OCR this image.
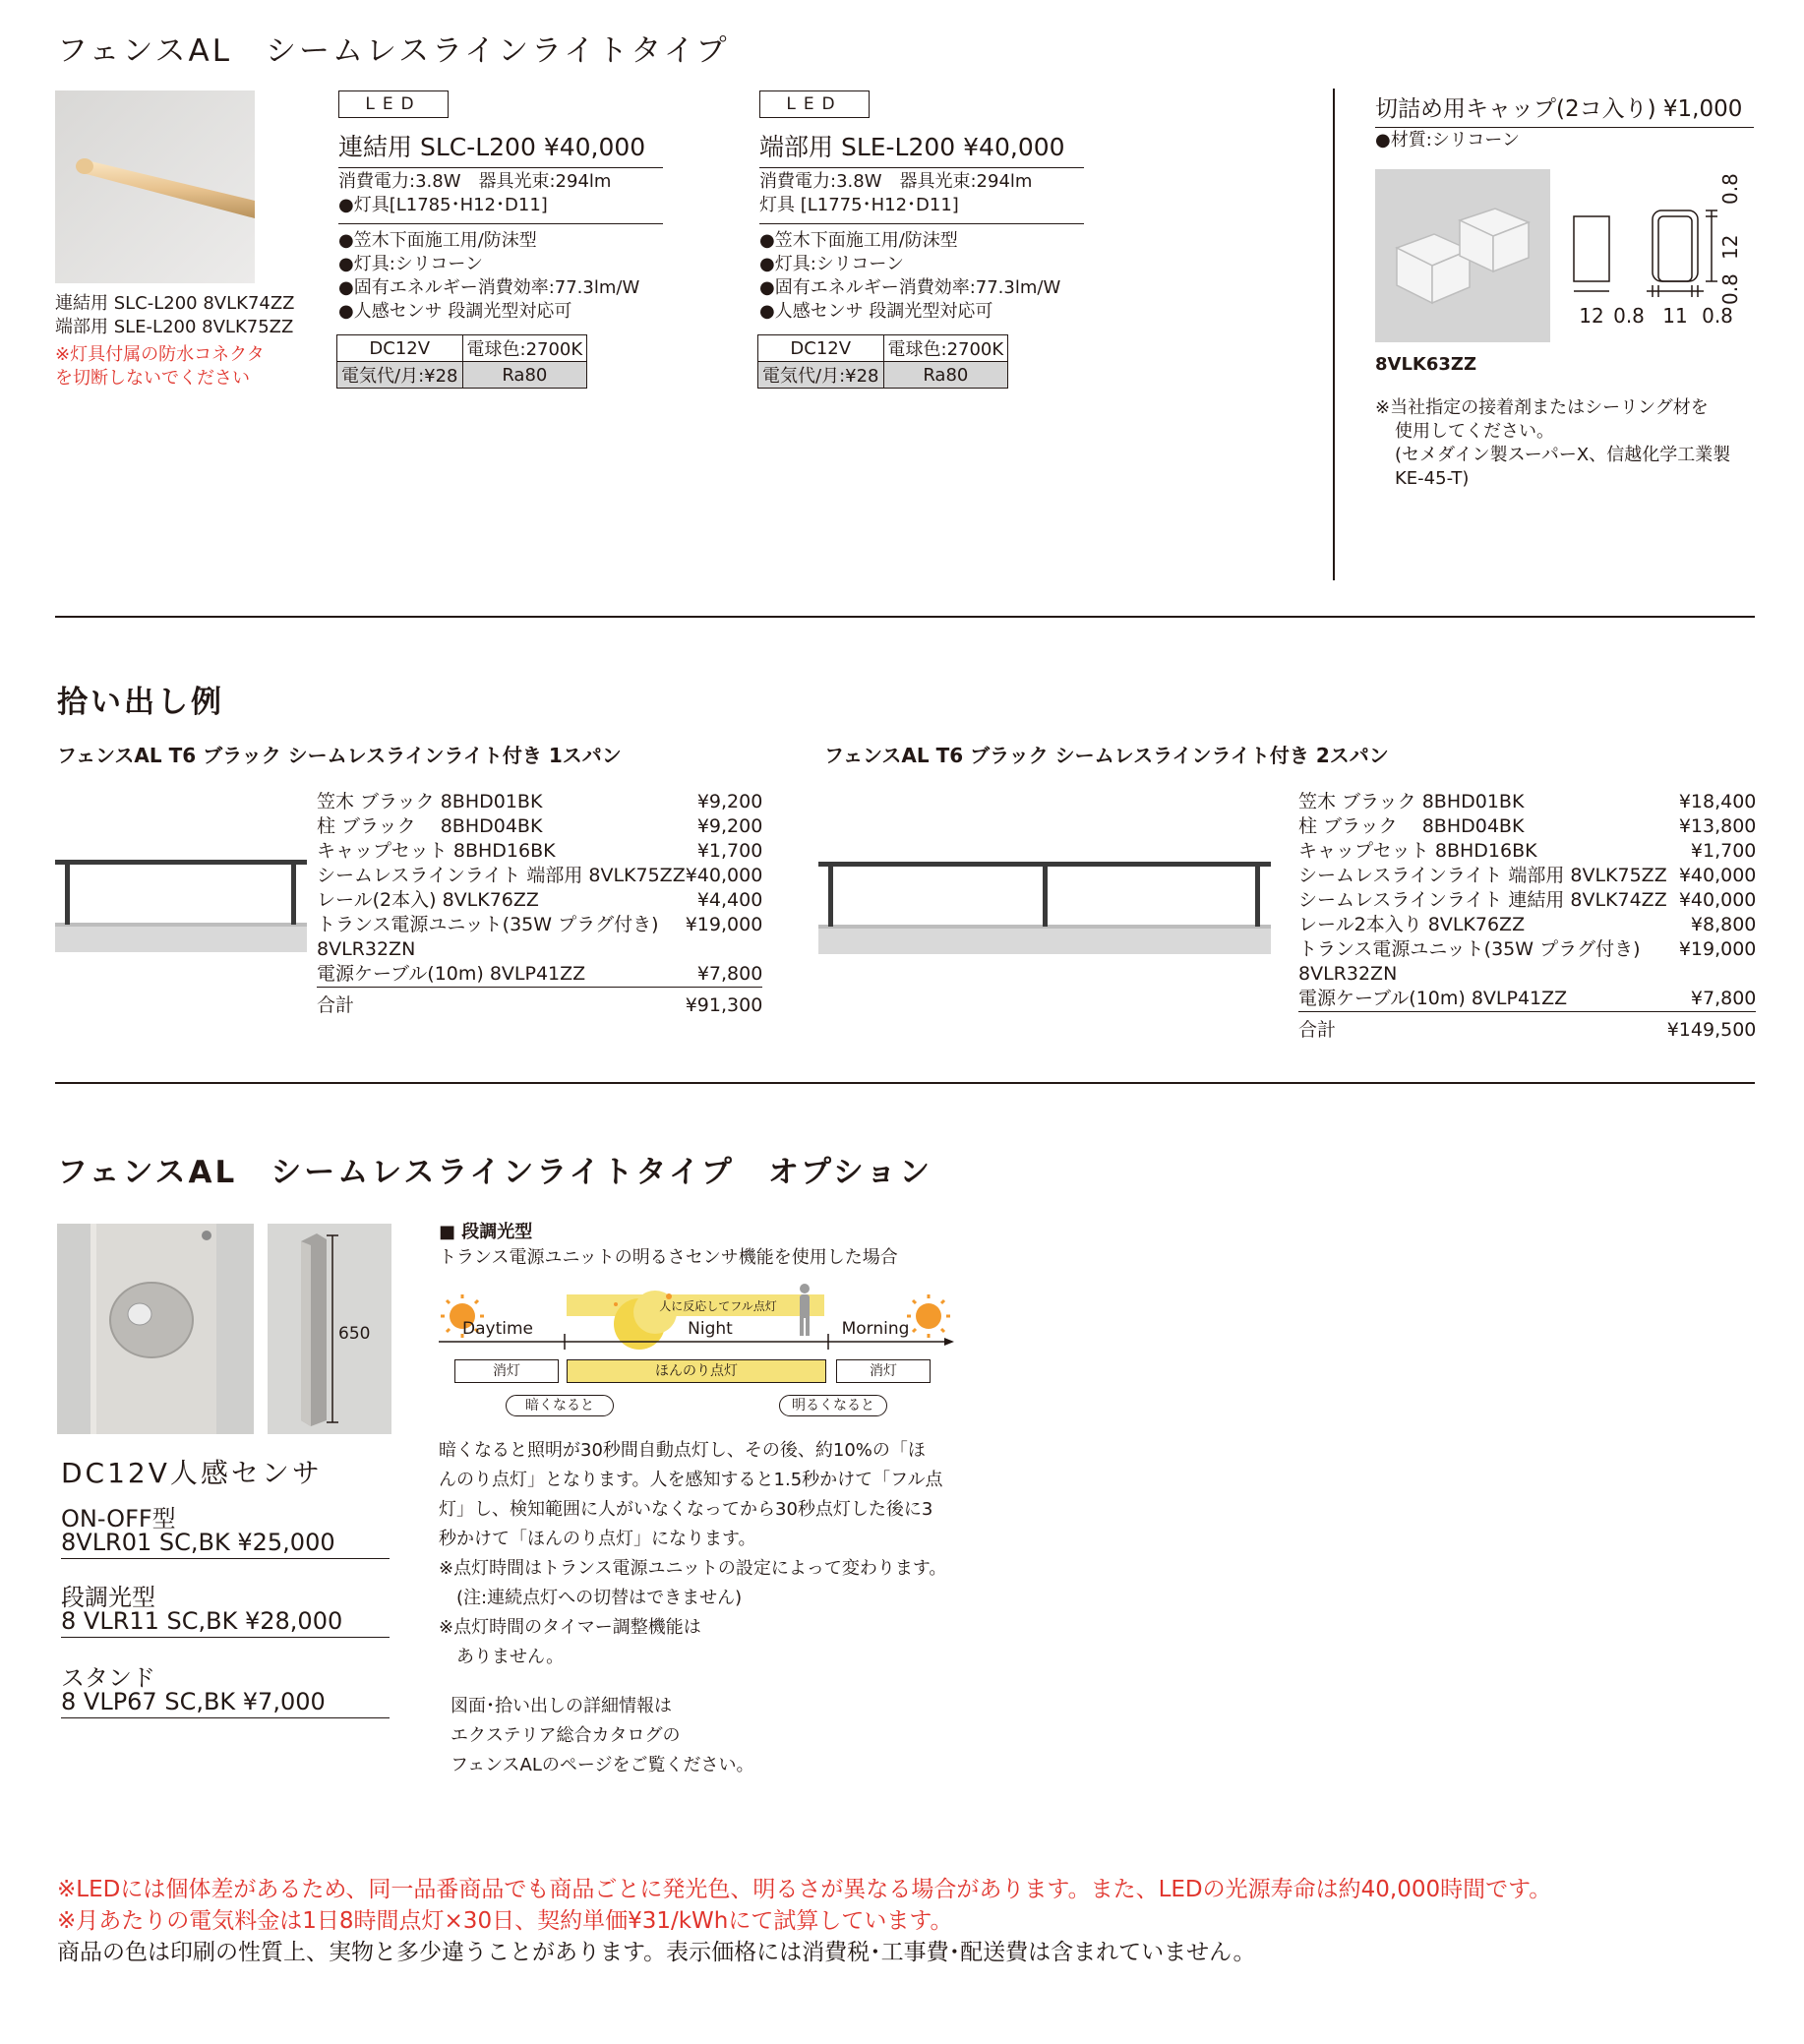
フェンスAL　シームレスラインライトタイプ
連結用 SLC-L200 8VLK74ZZ
端部用 SLE-L200 8VLK75ZZ
※灯具付属の防水コネクタ
を切断しないでください
LED
連結用 SLC-L200 ¥40,000
消費電力:3.8W　器具光束:294lm
●灯具[L1785･H12･D11]
●笠木下面施工用/防沫型
●灯具:シリコーン
●固有エネルギー消費効率:77.3lm/W
●人感センサ 段調光型対応可
DC12V	電球色:2700K
電気代/月:¥28	Ra80
LED
端部用 SLE-L200 ¥40,000
消費電力:3.8W　器具光束:294lm
灯具 [L1775･H12･D11]
●笠木下面施工用/防沫型
●灯具:シリコーン
●固有エネルギー消費効率:77.3lm/W
●人感センサ 段調光型対応可
DC12V	電球色:2700K
電気代/月:¥28	Ra80
切詰め用キャップ(2コ入り) ¥1,000
●材質:シリコーン
12 0.8 11 0.8
0.8
12
0.8
8VLK63ZZ
※当社指定の接着剤またはシーリング材を
使用してください。
(セメダイン製スーパーX、信越化学工業製
KE-45-T)
拾い出し例
フェンスAL T6 ブラック シームレスラインライト付き 1スパン
笠木 ブラック 8BHD01BK	¥9,200
柱 ブラック　 8BHD04BK	¥9,200
キャップセット 8BHD16BK	¥1,700
シームレスラインライト 端部用 8VLK75ZZ	¥40,000
レール(2本入) 8VLK76ZZ	¥4,400
トランス電源ユニット(35W プラグ付き)	¥19,000
8VLR32ZN	
電源ケーブル(10m) 8VLP41ZZ	¥7,800
合計	¥91,300
フェンスAL T6 ブラック シームレスラインライト付き 2スパン
笠木 ブラック 8BHD01BK	¥18,400
柱 ブラック　 8BHD04BK	¥13,800
キャップセット 8BHD16BK	¥1,700
シームレスラインライト 端部用 8VLK75ZZ	¥40,000
シームレスラインライト 連結用 8VLK74ZZ	¥40,000
レール2本入り 8VLK76ZZ	¥8,800
トランス電源ユニット(35W プラグ付き)	¥19,000
8VLR32ZN	
電源ケーブル(10m) 8VLP41ZZ	¥7,800
合計	¥149,500
フェンスAL　シームレスラインライトタイプ　オプション
650
DC12V人感センサ
ON-OFF型
8VLR01 SC,BK ¥25,000
段調光型
8 VLR11 SC,BK ¥28,000
スタンド
8 VLP67 SC,BK ¥7,000
■ 段調光型
トランス電源ユニットの明るさセンサ機能を使用した場合
Daytime	Night	Morning
人に反応してフル点灯
消灯	ほんのり点灯	消灯
暗くなると	明るくなると
暗くなると照明が30秒間自動点灯し、その後、約10%の「ほ
んのり点灯」となります。人を感知すると1.5秒かけて「フル点
灯」し、検知範囲に人がいなくなってから30秒点灯した後に3
秒かけて「ほんのり点灯」になります。
※点灯時間はトランス電源ユニットの設定によって変わります。
　(注:連続点灯への切替はできません)
※点灯時間のタイマー調整機能は
　ありません。
図面･拾い出しの詳細情報は
エクステリア総合カタログの
フェンスALのページをご覧ください。
※LEDには個体差があるため、同一品番商品でも商品ごとに発光色、明るさが異なる場合があります。また、LEDの光源寿命は約40,000時間です。
※月あたりの電気料金は1日8時間点灯×30日、契約単価¥31/kWhにて試算しています。
商品の色は印刷の性質上、実物と多少違うことがあります。表示価格には消費税･工事費･配送費は含まれていません。
